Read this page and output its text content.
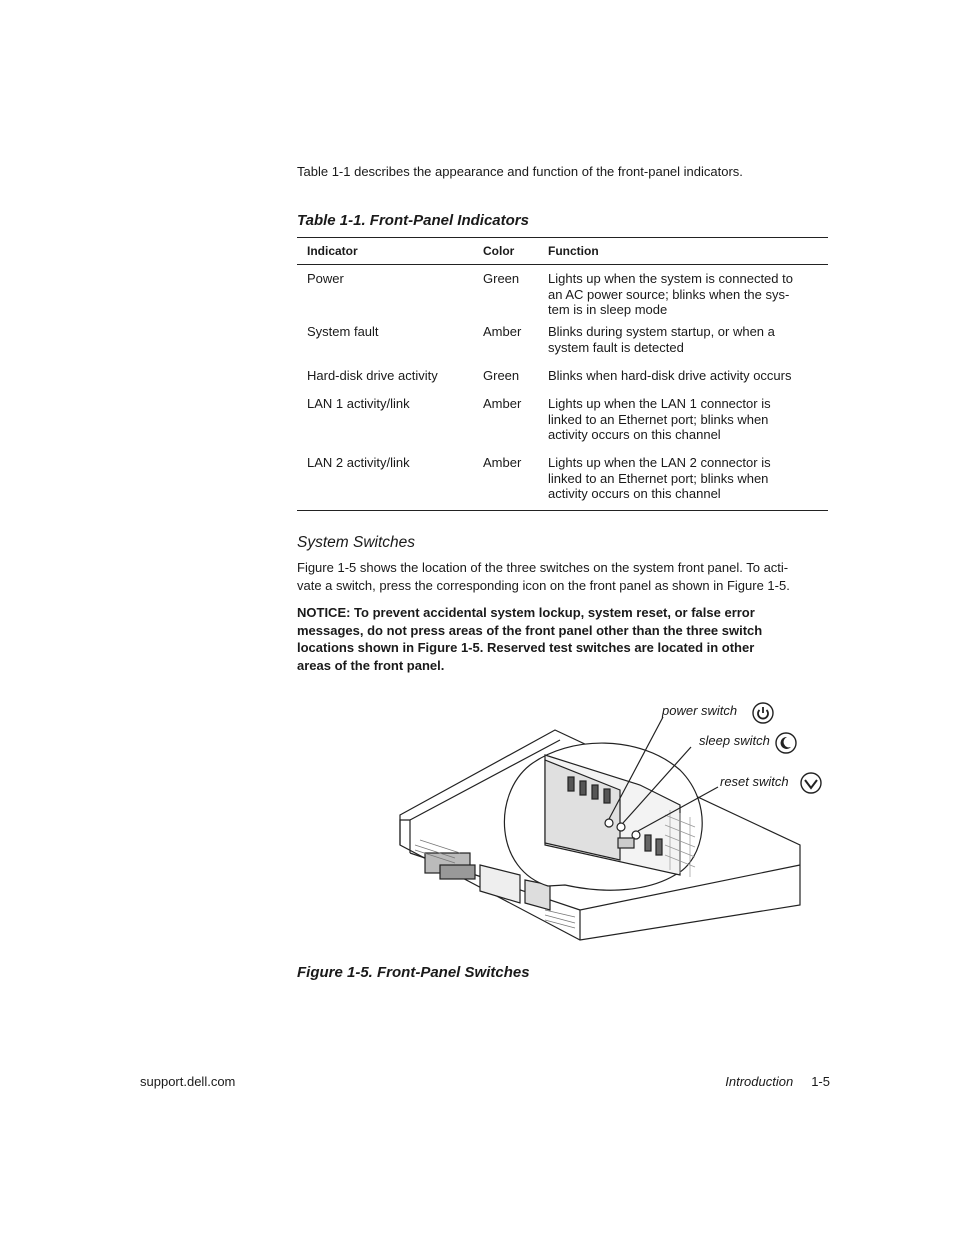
Table 1-1 describes the appearance and function of the front-panel indicators.
Table 1-1. Front-Panel Indicators
Indicator	Color	Function
Power	Green	Lights up when the system is connected to
an AC power source; blinks when the sys-
tem is in sleep mode
System fault	Amber	Blinks during system startup, or when a
system fault is detected
Hard-disk drive activity	Green	Blinks when hard-disk drive activity occurs
LAN 1 activity/link	Amber	Lights up when the LAN 1 connector is
linked to an Ethernet port; blinks when
activity occurs on this channel
LAN 2 activity/link	Amber	Lights up when the LAN 2 connector is
linked to an Ethernet port; blinks when
activity occurs on this channel
System Switches
Figure 1-5 shows the location of the three switches on the system front panel. To acti-
vate a switch, press the corresponding icon on the front panel as shown in Figure 1-5.
NOTICE: To prevent accidental system lockup, system reset, or false error
messages, do not press areas of the front panel other than the three switch
locations shown in Figure 1-5. Reserved test switches are located in other
areas of the front panel.
power switch
sleep switch
reset switch
Figure 1-5. Front-Panel Switches
support.dell.com	Introduction 1-5
